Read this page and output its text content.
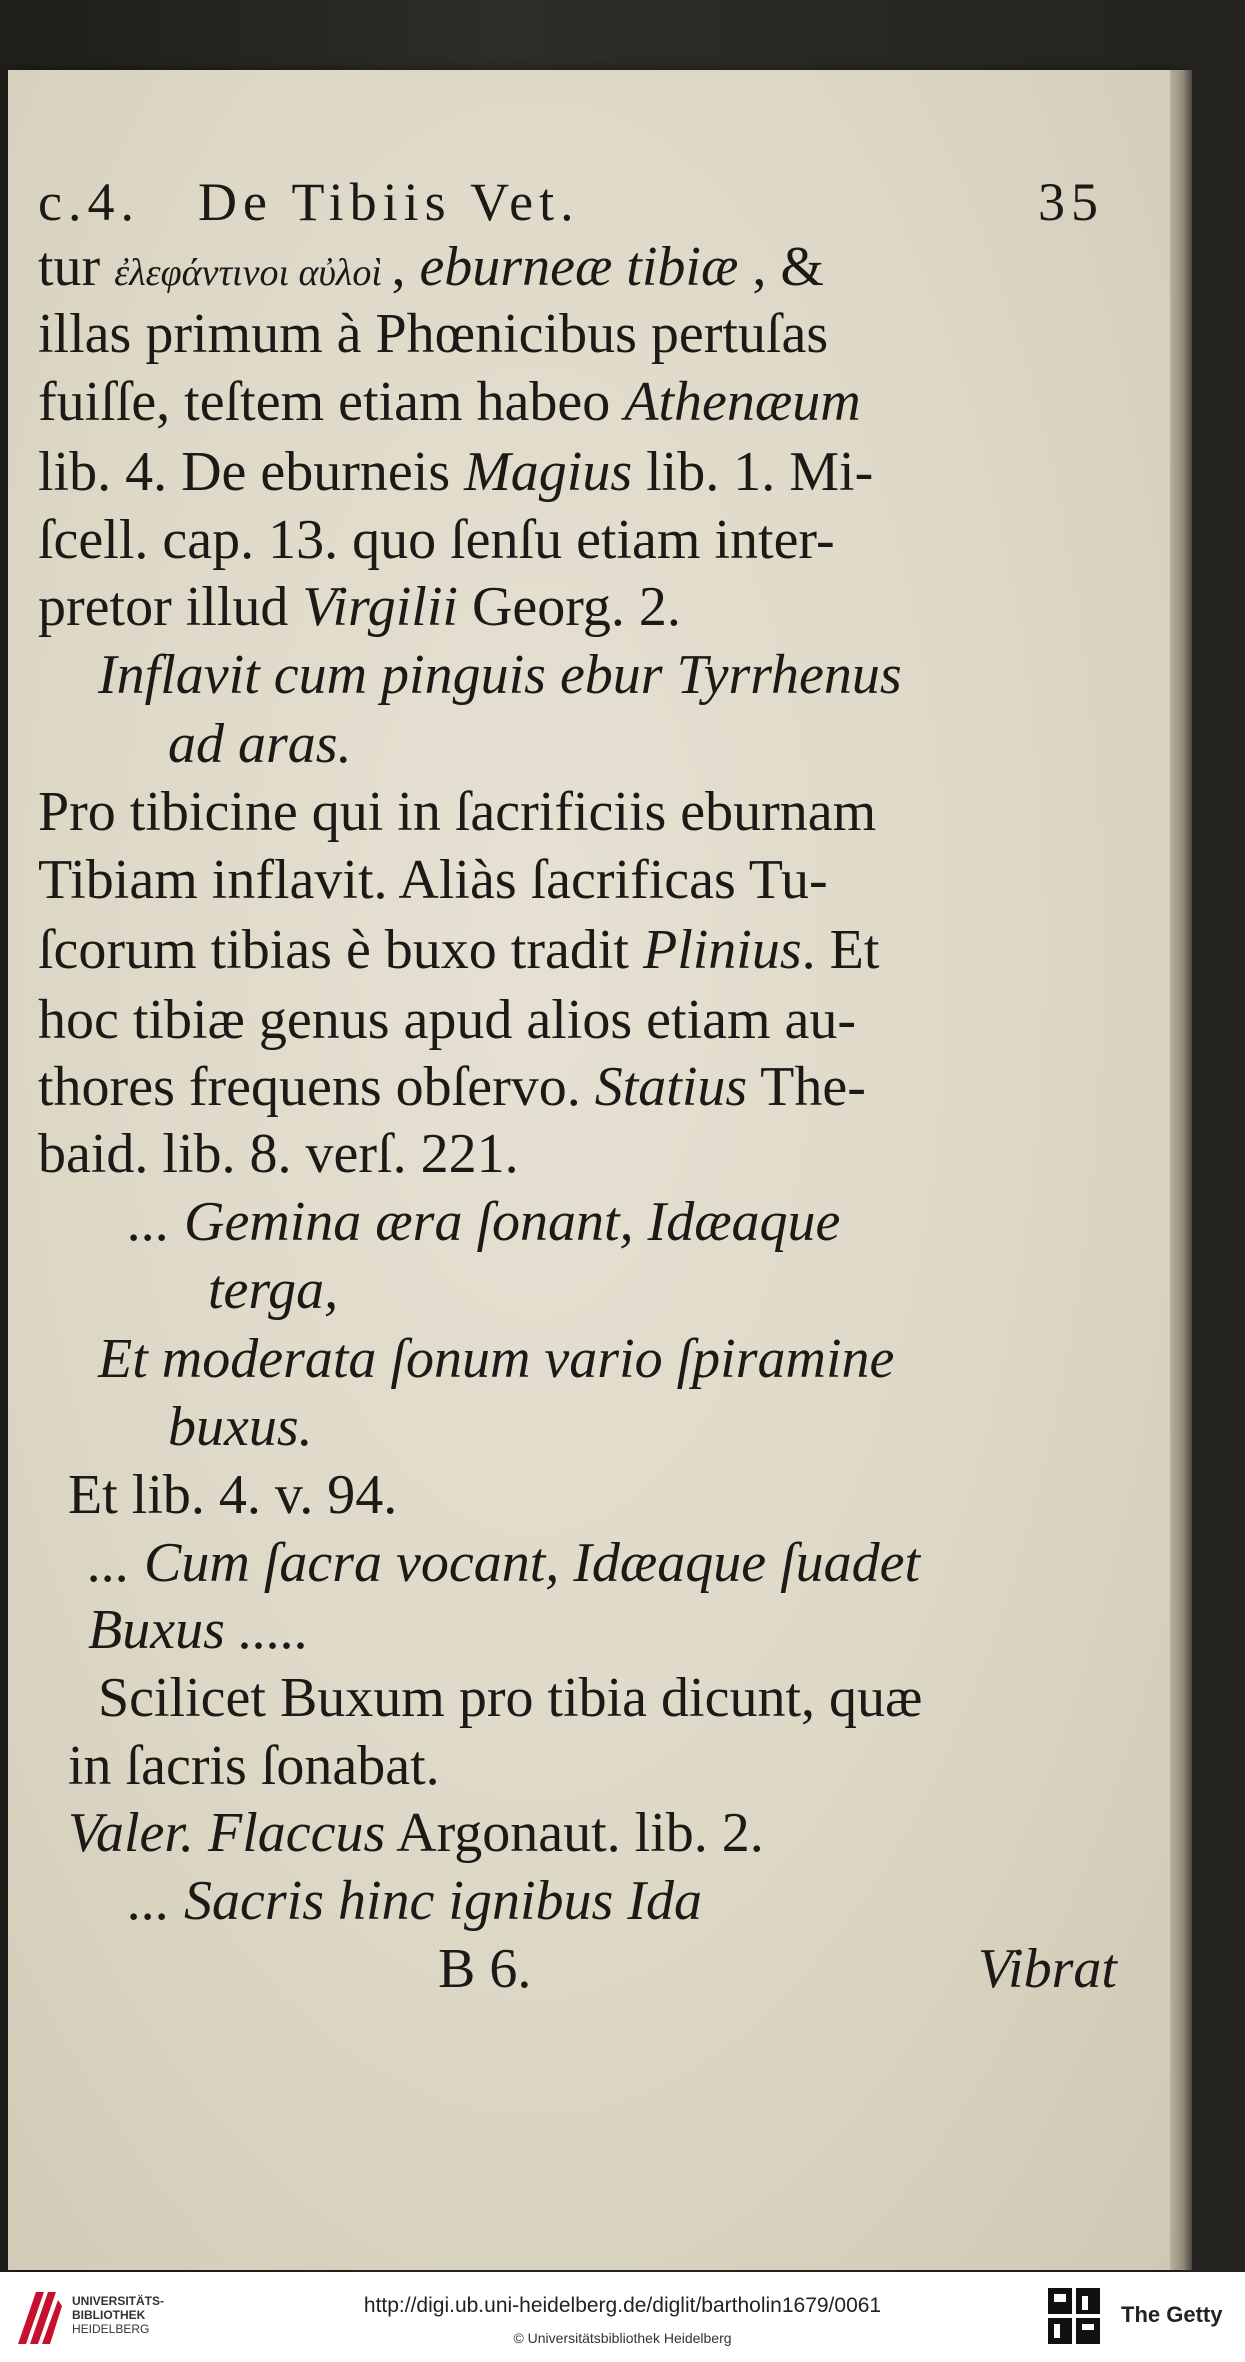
c.4. De Tibiis Vet.	35
tur ἐλεφάντινοι αὐλοὶ , eburneæ tibiæ , &
illas primum à Phœnicibus pertuſas
fuiſſe, teſtem etiam habeo Athenæum
lib. 4. De eburneis Magius lib. 1. Mi-
ſcell. cap. 13. quo ſenſu etiam inter-
pretor illud Virgilii Georg. 2.
Inflavit cum pinguis ebur Tyrrhenus
ad aras.
Pro tibicine qui in ſacrificiis eburnam
Tibiam inflavit. Aliàs ſacrificas Tu-
ſcorum tibias è buxo tradit Plinius. Et
hoc tibiæ genus apud alios etiam au-
thores frequens obſervo. Statius The-
baid. lib. 8. verſ. 221.
... Gemina æra ſonant, Idæaque
terga,
Et moderata ſonum vario ſpiramine
buxus.
Et lib. 4. v. 94.
... Cum ſacra vocant, Idæaque ſuadet
Buxus .....
Scilicet Buxum pro tibia dicunt, quæ
in ſacris ſonabat.
Valer. Flaccus Argonaut. lib. 2.
... Sacris hinc ignibus Ida
B 6.	Vibrat
UNIVERSITÄTS-
BIBLIOTHEK
HEIDELBERG
http://digi.ub.uni-heidelberg.de/diglit/bartholin1679/0061
© Universitätsbibliothek Heidelberg
The Getty
